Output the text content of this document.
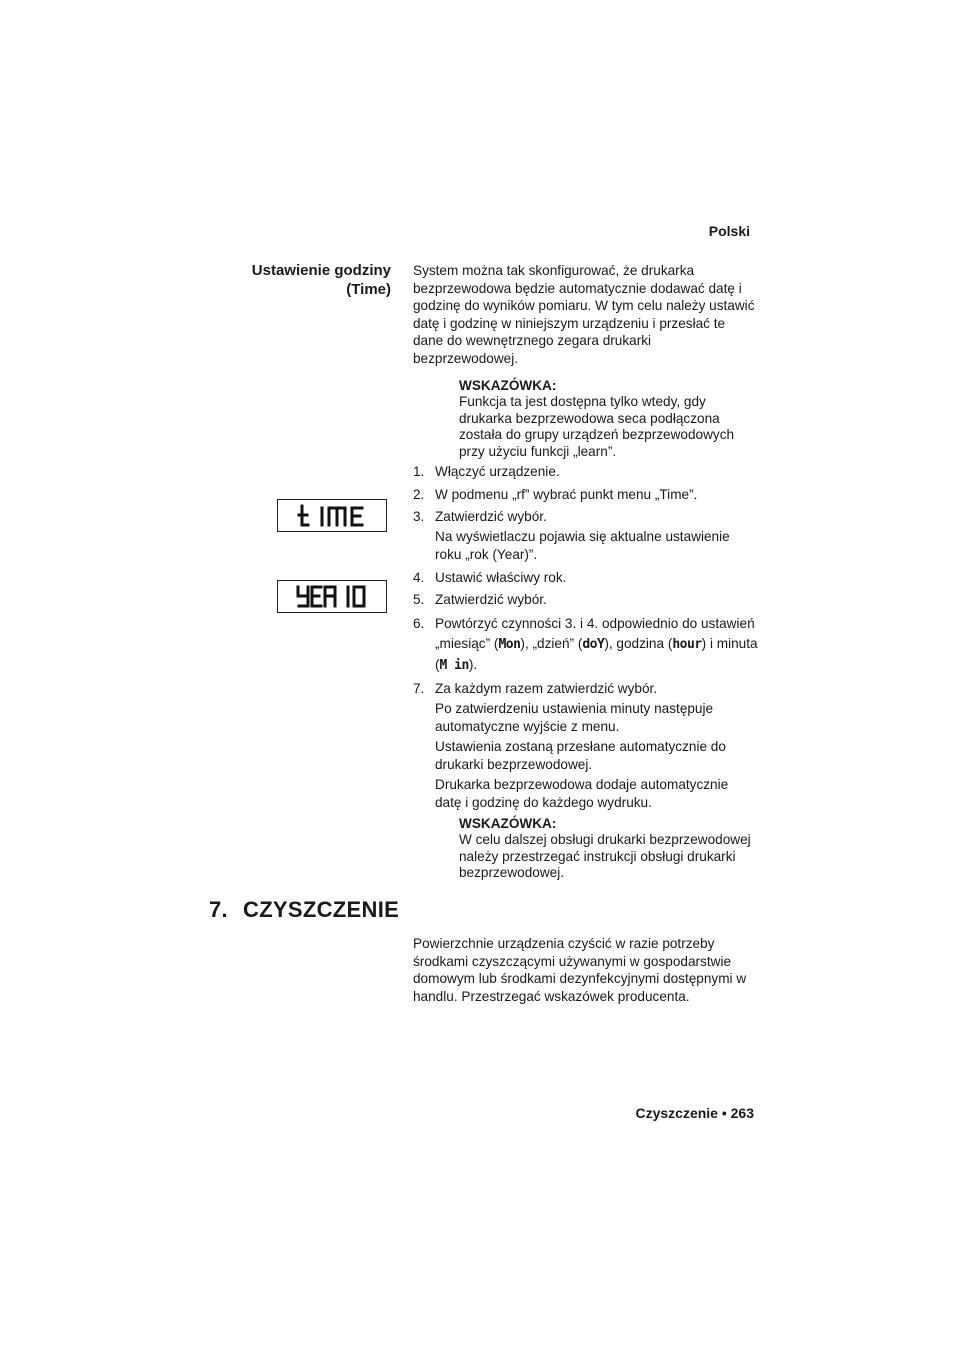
Polski
Ustawienie godziny
(Time)
System można tak skonfigurować, że drukarka bezprzewodowa będzie automatycznie dodawać datę i godzinę do wyników pomiaru. W tym celu należy ustawić datę i godzinę w niniejszym urządzeniu i przesłać te dane do wewnętrznego zegara drukarki bezprzewodowej.
WSKAZÓWKA:
Funkcja ta jest dostępna tylko wtedy, gdy drukarka bezprzewodowa seca podłączona została do grupy urządzeń bezprzewodowych przy użyciu funkcji „learn”.
1. Włączyć urządzenie.
2. W podmenu „rf” wybrać punkt menu „Time”.
3. Zatwierdzić wybór.
Na wyświetlaczu pojawia się aktualne ustawienie roku „rok (Year)”.
4. Ustawić właściwy rok.
5. Zatwierdzić wybór.
6. Powtórzyć czynności 3. i 4. odpowiednio do ustawień „miesiąc” (Mon), „dzień” (doY), godzina (hour) i minuta (M in).
7. Za każdym razem zatwierdzić wybór.
Po zatwierdzeniu ustawienia minuty następuje automatyczne wyjście z menu.
Ustawienia zostaną przesłane automatycznie do drukarki bezprzewodowej.
Drukarka bezprzewodowa dodaje automatycznie datę i godzinę do każdego wydruku.
WSKAZÓWKA:
W celu dalszej obsługi drukarki bezprzewodowej należy przestrzegać instrukcji obsługi drukarki bezprzewodowej.
7. CZYSZCZENIE
Powierzchnie urządzenia czyścić w razie potrzeby środkami czyszczącymi używanymi w gospodarstwie domowym lub środkami dezynfekcyjnymi dostępnymi w handlu. Przestrzegać wskazówek producenta.
Czyszczenie • 263
